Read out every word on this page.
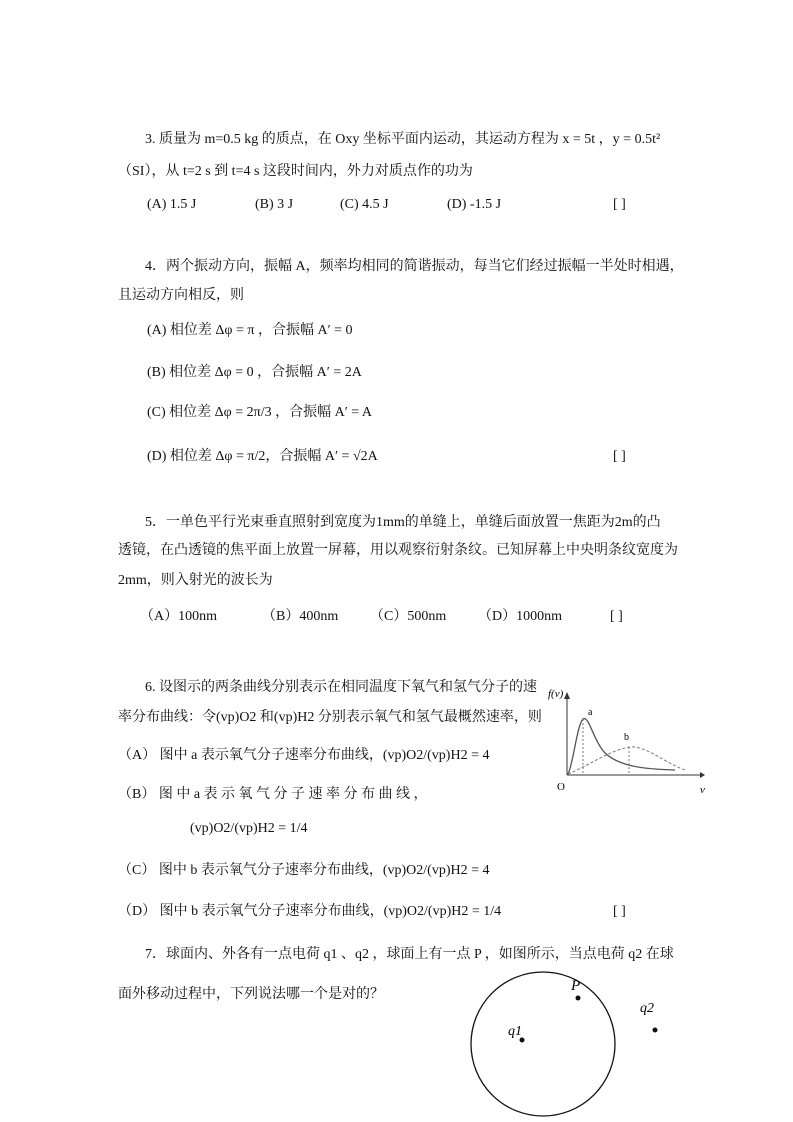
3. 质量为 m=0.5 kg 的质点，在 Oxy 坐标平面内运动，其运动方程为 x = 5t ，y = 0.5t²
（SI），从 t=2 s 到 t=4 s 这段时间内，外力对质点作的功为
(A) 1.5 J	(B) 3 J	(C) 4.5 J	(D) -1.5 J	[ ]
4．两个振动方向，振幅 A，频率均相同的简谐振动，每当它们经过振幅一半处时相遇，
且运动方向相反，则
(A) 相位差 Δφ = π ，合振幅 A′ = 0
(B) 相位差 Δφ = 0 ，合振幅 A′ = 2A
(C) 相位差 Δφ = 2π/3 ，合振幅 A′ = A
(D) 相位差 Δφ = π/2，合振幅 A′ = √2A	[ ]
5．一单色平行光束垂直照射到宽度为1mm的单缝上，单缝后面放置一焦距为2m的凸
透镜，在凸透镜的焦平面上放置一屏幕，用以观察衍射条纹。已知屏幕上中央明条纹宽度为
2mm，则入射光的波长为
（A）100nm	（B）400nm （C）500nm （D）1000nm	[ ]
6. 设图示的两条曲线分别表示在相同温度下氧气和氢气分子的速
率分布曲线：令(vp)O2 和(vp)H2 分别表示氧气和氢气最概然速率，则
（A） 图中 a 表示氧气分子速率分布曲线，(vp)O2/(vp)H2 = 4
（B） 图 中 a 表 示 氧 气 分 子 速 率 分 布 曲 线 ，
(vp)O2/(vp)H2 = 1/4
（C） 图中 b 表示氧气分子速率分布曲线，(vp)O2/(vp)H2 = 4
（D） 图中 b 表示氧气分子速率分布曲线，(vp)O2/(vp)H2 = 1/4	[ ]
f(v)
v
O
a
b
7．球面内、外各有一点电荷 q1 、q2 ，球面上有一点 P ，如图所示，当点电荷 q2 在球
面外移动过程中，下列说法哪一个是对的？
P
q1
q2
